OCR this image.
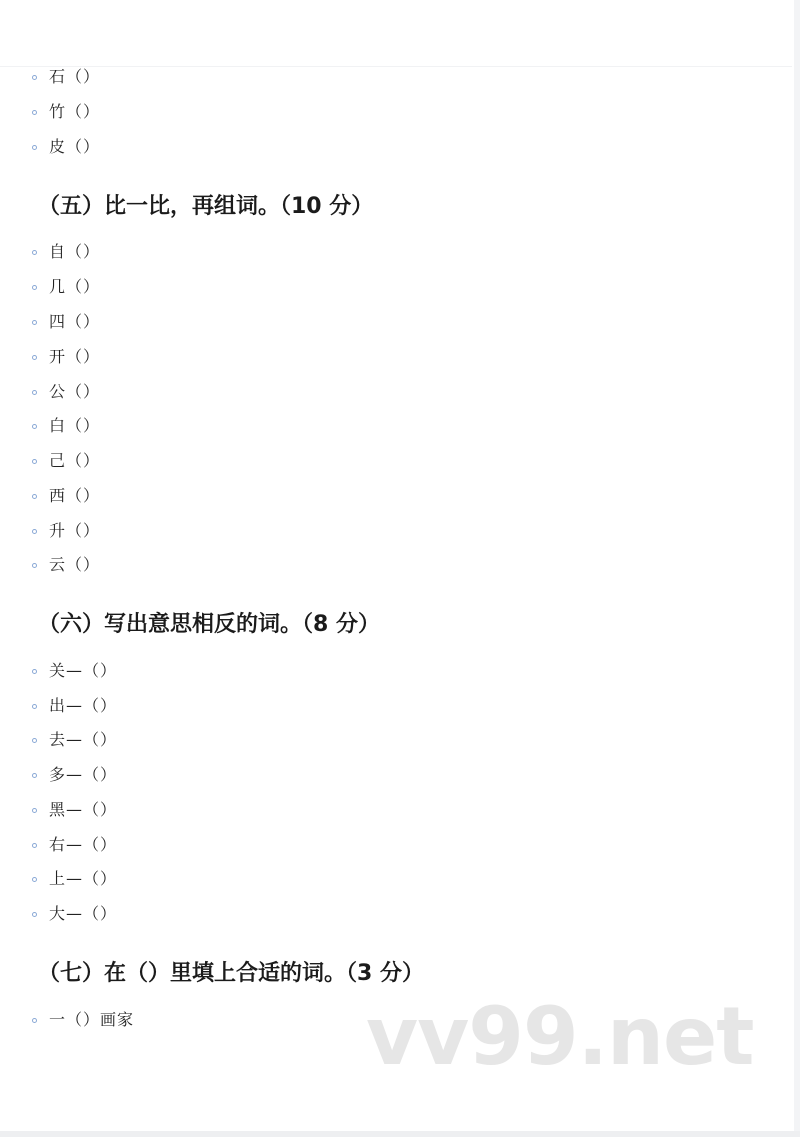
石（）
竹（）
皮（）
（五）比一比，再组词。（10 分）
自（）
几（）
四（）
开（）
公（）
白（）
己（）
西（）
升（）
云（）
（六）写出意思相反的词。（8 分）
关—（）
出—（）
去—（）
多—（）
黑—（）
右—（）
上—（）
大—（）
（七）在（）里填上合适的词。（3 分）
一（）画家	vv99.net
